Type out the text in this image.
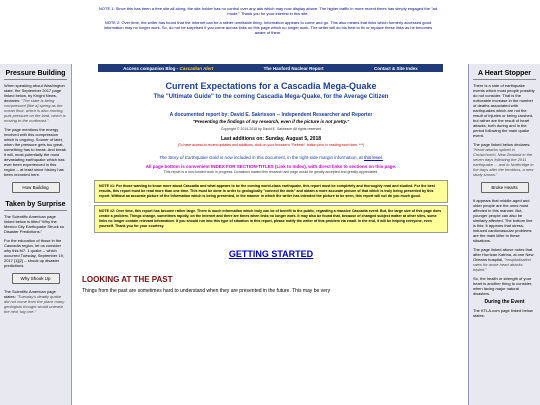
NOTE 1: Since this has been a free site all along, the site-holder has no control over any ads which may now display above. The higher traffic in more recent times has simply engaged the "ad mode." Thank you for your interest in this site.

NOTE 2: Over time, the writer has found that the Internet can be a rather unreliable thing. Information appears to come and go. This also means that links which formerly accessed good information may no longer work. So, do not be surprised if you come across links on this page which no longer work. The writer will do his best to fix or replace these links as he becomes aware of them.

Pressure Building
When speaking about Washington state, the September 2017 page linked below, by Knight News, declares: "The state is being compressed [like a] spring as the ocean floor, which is also moving, puts pressure on the land, which is moving to the northeast."
The page mentions the energy involved with this compression which is ongoing. Sooner of later, when the pressure gets too great, something has to break. And break it will, most potentially the most devastating earthquake which has ever been experienced in this region -- at least since history has been recorded here.
How Building
Taken by Surprise
The Scientific American page linked below is titled "Why the Mexico City Earthquake Struck so Disaster Predictions."
For the education of those in the Cascadia region, let us consider why this M7. 1 quake -- which occurred Tuesday, September 19, 2017 [1][2] -- shook up disaster predictions.
Why Shook Up
The Scientific American page states: "Tuesday's deadly quake did not come from the place many geologists thought would unleash the next 'big one'."
A Heart Stopper
There is a side of earthquake events which most people possibly do not consider. That is the noticeable increase in the number of deaths associated with earthquakes which are not the result of injuries or being crushed, but rather are the result of heart attacks, both during and in the period following the main quake event.
The page linked below declares: "Heart attacks spiked in Christchurch, New Zealand in the seven days following the 2011 earthquake ... and in Northridge in the days after the temblors, a new study shows."
Broke Hearts
It appears that middle-aged and older people are the ones most affected in this manner. But, younger people can also be similarly affected. The bottom line is this: It appears that stress-induced cardiovascular problems are the main killer in these situations.
The page linked above notes that after Hurrican Katrina, at one New Orleans hospital, "hospitalization rates for acute heart attacks tripled."
So, the health or strength of your heart is another thing to consider, when facing major natural disasters.
During the Event
The KTLA.com page linked below states:
Access companion Blog - Cascadian Alert	The Hanford Nuclear Report	Contact & Site Index
Current Expectations for a Cascadia Mega-Quake
The "Ultimate Guide" to the coming Cascadia Mega-Quake, for the Average Citizen
A documented report by: David E. Sakrisson -- Independent Researcher and Reporter
"Presenting the findings of my research, even if the picture is not pretty."
Copyright © 2014-2018 by David E. Sakrisson All rights reserved
Last additions on: Sunday, August 5, 2018
(To have access to recent updates and additions, click on your browser's "Refresh" button prior to reading each time. ***)
The Story of Earthquake Gold is now included in this document, in the right-side margin information, at this level.
All page bottom is convenient INDEX FOR SECTION-TITLES (Link to Index), with direct links to sections on this page.
This report is a non-funded work in progress. Donations toward this research and page would be greatly accepted and greatly appreciated.
NOTE #1: For those wanting to know more about Cascadia and what appears to be the coming world-class earthquake, this report must be completely and thoroughly read and studied. For the best results, this report must be read more than one time. This must be done in order to geologically "connect the dots" and obtain a more accurate picture of that which is truly being presented by this report. Without an accurate picture of the information which is being presented, in the manner in which the writer has intended the picture to be seen, this report will not do you much good.
NOTE #2: Over time, this report has become rather large. There is much information which truly can be of benefit to the public, regarding a massive Cascadia event. But, the large size of this page does create a problem. Things change, sometimes rapidly, on the Internet and there are times when links no longer work. It may also be found that, because of changed subject matter at other sites, some links no longer contain relevant information. If you should run into this type of situation in this report, please notify the writer of this problem via email. In the end, it will be helping everyone, even yourself. Thank you for your courtesy.
GETTING STARTED
LOOKING AT THE PAST
Things from the past are sometimes hard to understand when they are presented in the future. This may be very
